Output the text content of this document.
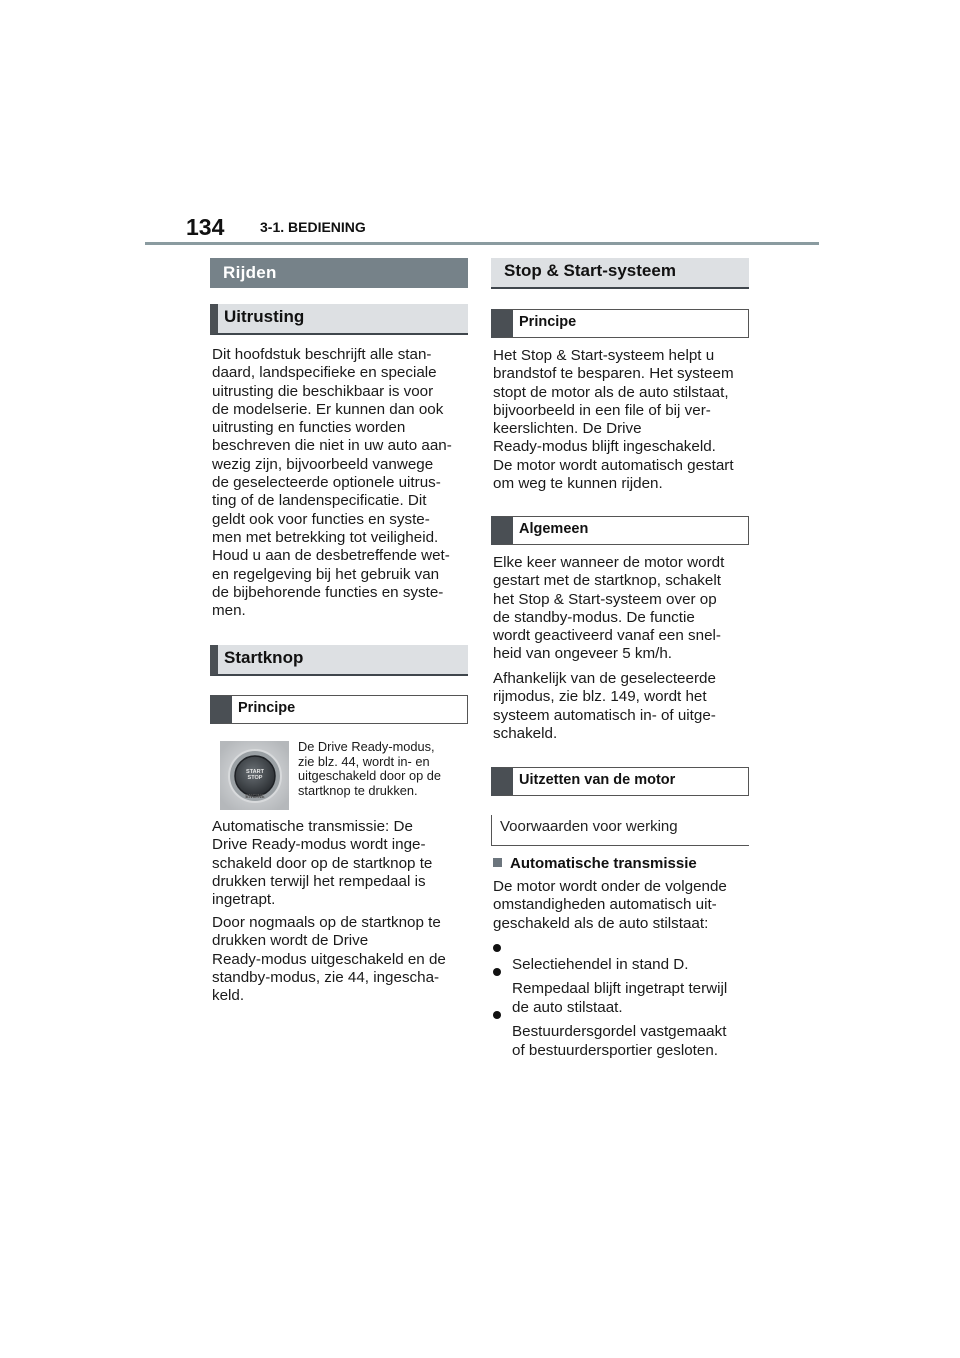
134	3-1. BEDIENING
Rijden
Uitrusting
Dit hoofdstuk beschrijft alle stan-
daard, landspecifieke en speciale
uitrusting die beschikbaar is voor
de modelserie. Er kunnen dan ook
uitrusting en functies worden
beschreven die niet in uw auto aan-
wezig zijn, bijvoorbeeld vanwege
de geselecteerde optionele uitrus-
ting of de landenspecificatie. Dit
geldt ook voor functies en syste-
men met betrekking tot veiligheid.
Houd u aan de desbetreffende wet-
en regelgeving bij het gebruik van
de bijbehorende functies en syste-
men.
Startknop
Principe
START
STOP
ENGINE
De Drive Ready-modus,
zie blz. 44, wordt in- en
uitgeschakeld door op de
startknop te drukken.
Automatische transmissie: De
Drive Ready-modus wordt inge-
schakeld door op de startknop te
drukken terwijl het rempedaal is
ingetrapt.
Door nogmaals op de startknop te
drukken wordt de Drive
Ready-modus uitgeschakeld en de
standby-modus, zie 44, ingescha-
keld.
Stop & Start-systeem
Principe
Het Stop & Start-systeem helpt u
brandstof te besparen. Het systeem
stopt de motor als de auto stilstaat,
bijvoorbeeld in een file of bij ver-
keerslichten. De Drive
Ready-modus blijft ingeschakeld.
De motor wordt automatisch gestart
om weg te kunnen rijden.
Algemeen
Elke keer wanneer de motor wordt
gestart met de startknop, schakelt
het Stop & Start-systeem over op
de standby-modus. De functie
wordt geactiveerd vanaf een snel-
heid van ongeveer 5 km/h.
Afhankelijk van de geselecteerde
rijmodus, zie blz. 149, wordt het
systeem automatisch in- of uitge-
schakeld.
Uitzetten van de motor
Voorwaarden voor werking
Automatische transmissie
De motor wordt onder de volgende
omstandigheden automatisch uit-
geschakeld als de auto stilstaat:

Selectiehendel in stand D.

Rempedaal blijft ingetrapt terwijl
de auto stilstaat.

Bestuurdersgordel vastgemaakt
of bestuurdersportier gesloten.
